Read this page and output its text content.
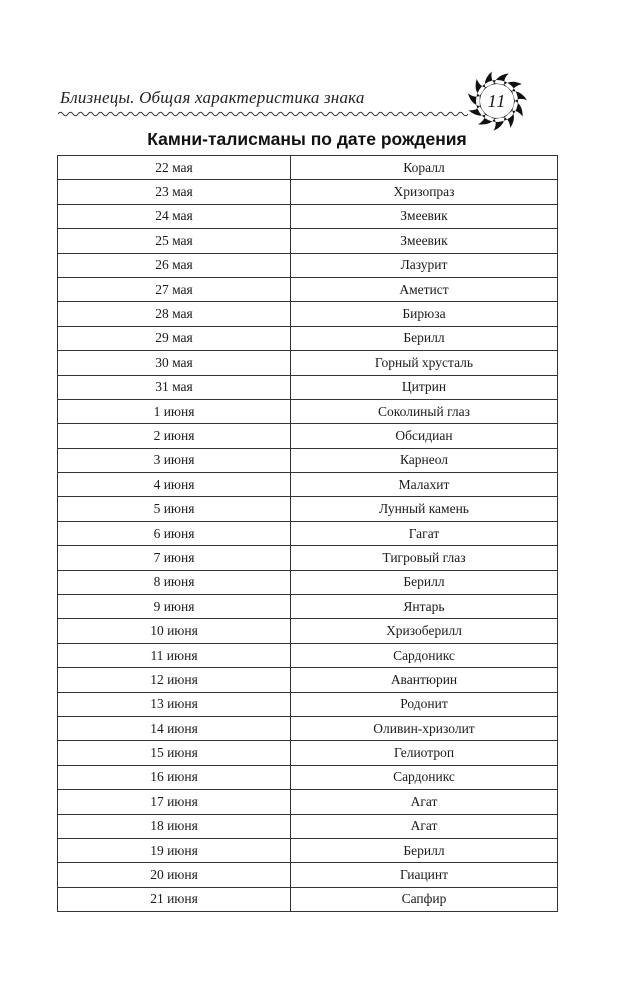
Близнецы. Общая характеристика знака	11
Камни-талисманы по дате рождения
22 мая	Коралл
23 мая	Хризопраз
24 мая	Змеевик
25 мая	Змеевик
26 мая	Лазурит
27 мая	Аметист
28 мая	Бирюза
29 мая	Берилл
30 мая	Горный хрусталь
31 мая	Цитрин
1 июня	Соколиный глаз
2 июня	Обсидиан
3 июня	Карнеол
4 июня	Малахит
5 июня	Лунный камень
6 июня	Гагат
7 июня	Тигровый глаз
8 июня	Берилл
9 июня	Янтарь
10 июня	Хризоберилл
11 июня	Сардоникс
12 июня	Авантюрин
13 июня	Родонит
14 июня	Оливин-хризолит
15 июня	Гелиотроп
16 июня	Сардоникс
17 июня	Агат
18 июня	Агат
19 июня	Берилл
20 июня	Гиацинт
21 июня	Сапфир
